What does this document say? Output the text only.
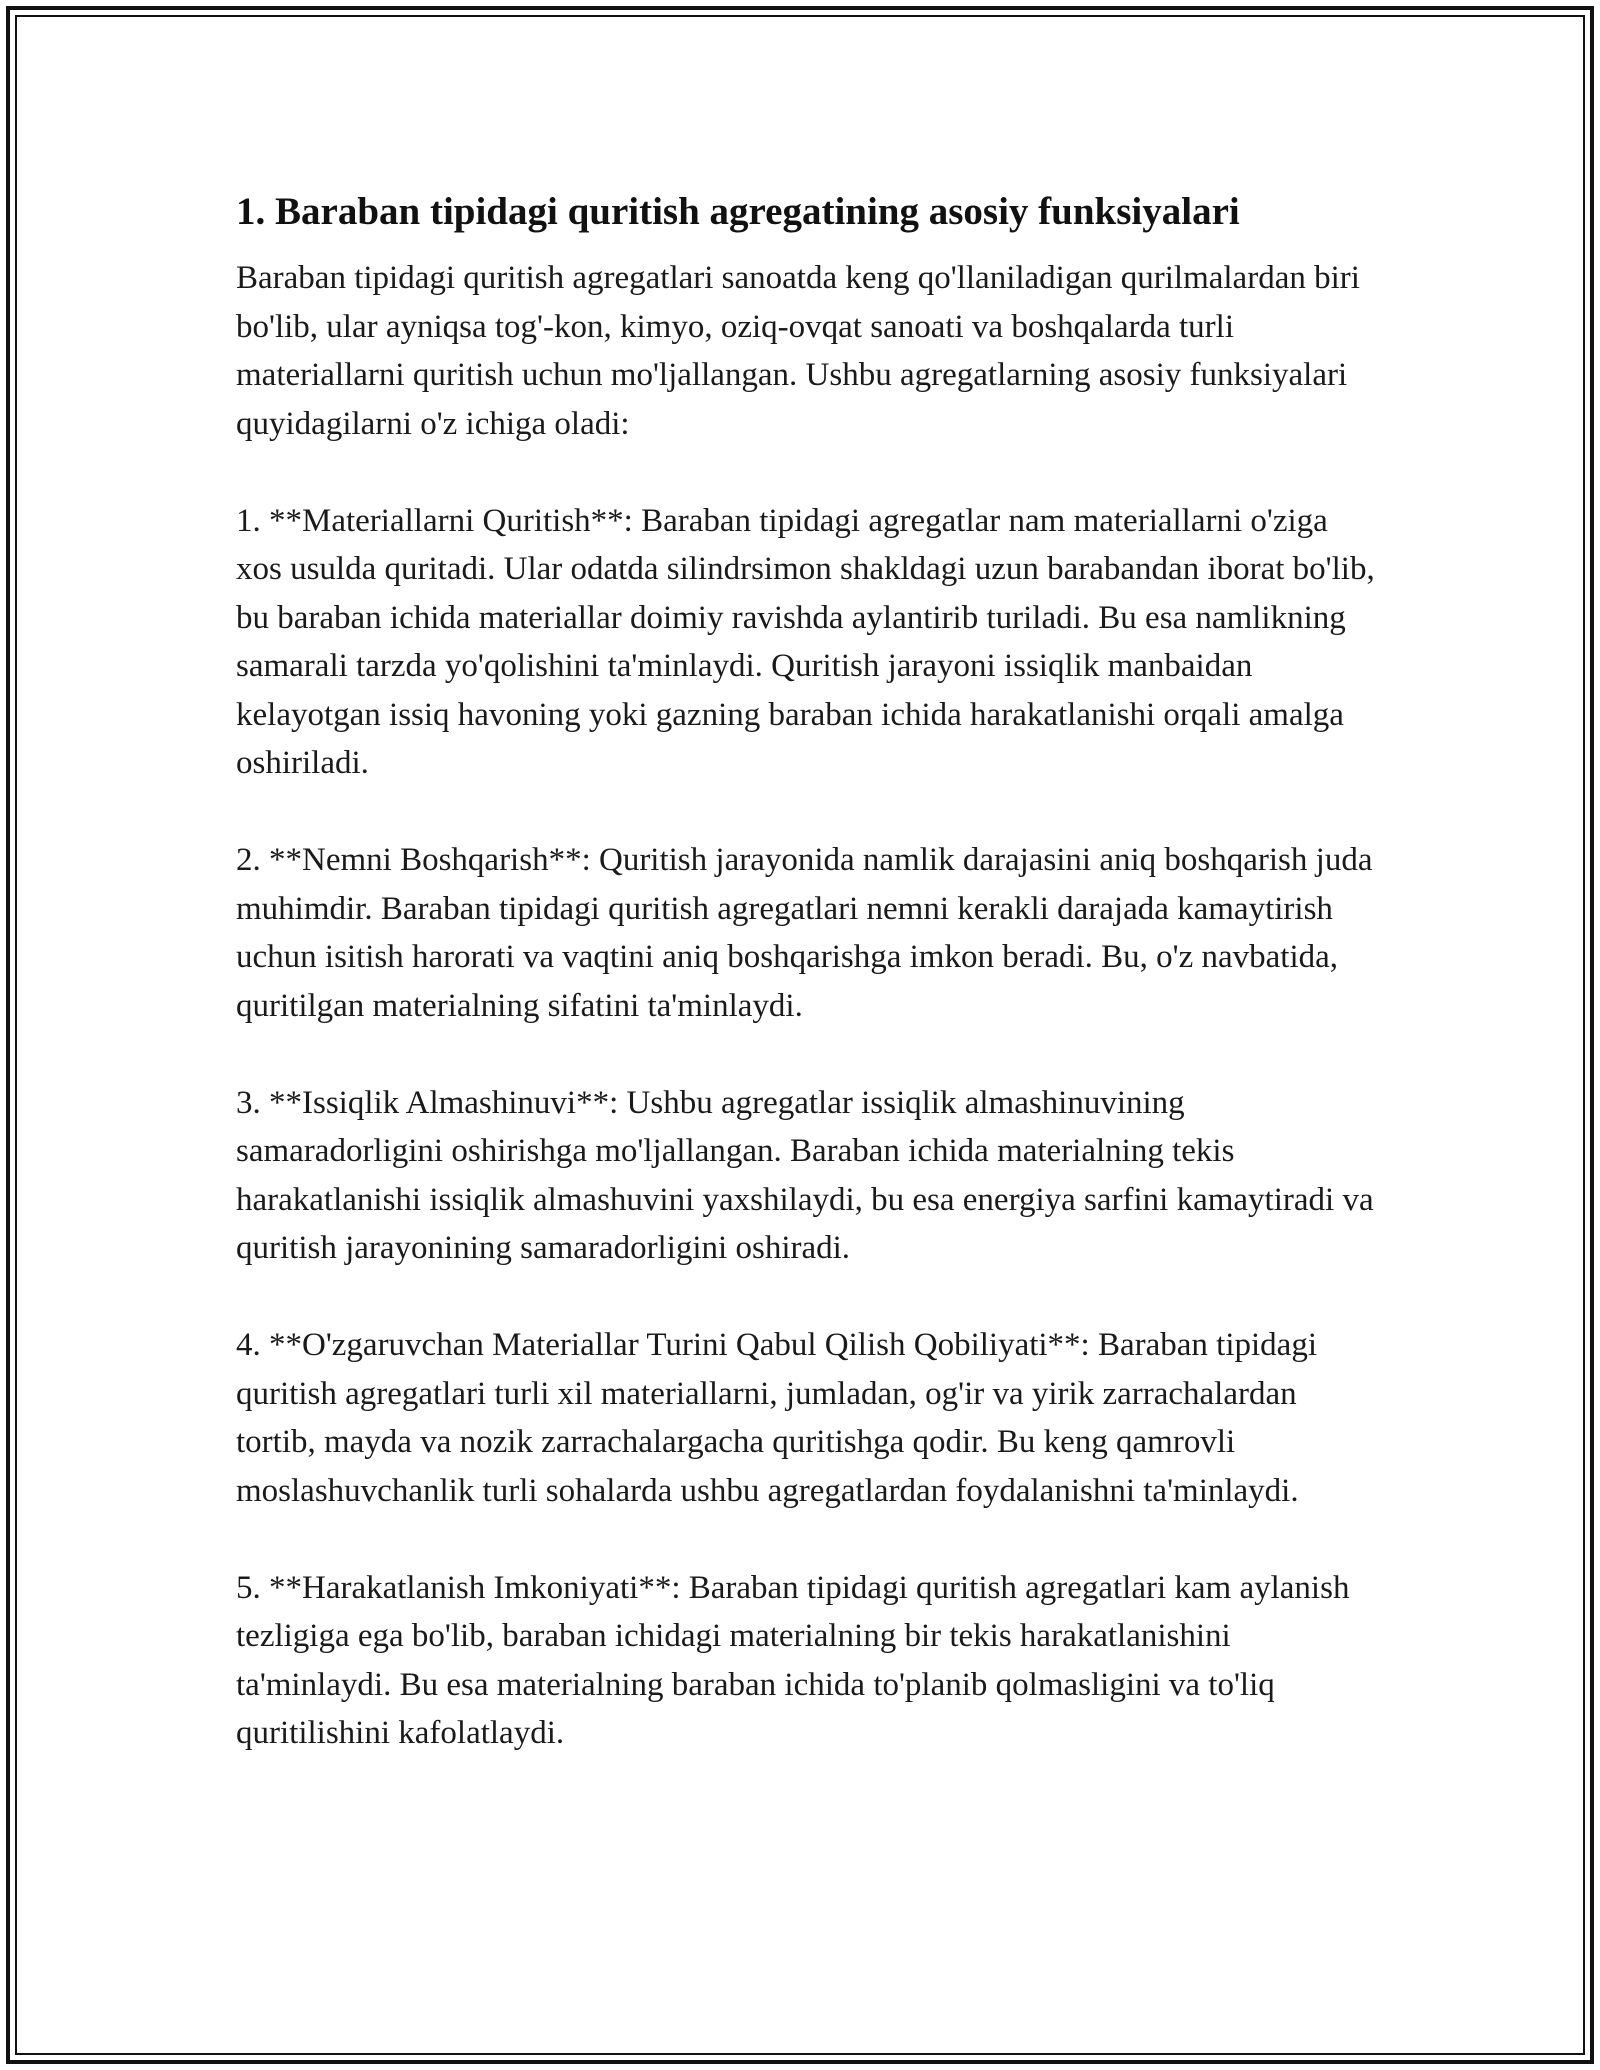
1. Baraban tipidagi quritish agregatining asosiy funksiyalari

Baraban tipidagi quritish agregatlari sanoatda keng qo'llaniladigan qurilmalardan biri bo'lib, ular ayniqsa tog'-kon, kimyo, oziq-ovqat sanoati va boshqalarda turli materiallarni quritish uchun mo'ljallangan. Ushbu agregatlarning asosiy funksiyalari quyidagilarni o'z ichiga oladi:

1. **Materiallarni Quritish**: Baraban tipidagi agregatlar nam materiallarni o'ziga xos usulda quritadi. Ular odatda silindrsimon shakldagi uzun barabandan iborat bo'lib, bu baraban ichida materiallar doimiy ravishda aylantirib turiladi. Bu esa namlikning samarali tarzda yo'qolishini ta'minlaydi. Quritish jarayoni issiqlik manbaidan kelayotgan issiq havoning yoki gazning baraban ichida harakatlanishi orqali amalga oshiriladi.

2. **Nemni Boshqarish**: Quritish jarayonida namlik darajasini aniq boshqarish juda muhimdir. Baraban tipidagi quritish agregatlari nemni kerakli darajada kamaytirish uchun isitish harorati va vaqtini aniq boshqarishga imkon beradi. Bu, o'z navbatida, quritilgan materialning sifatini ta'minlaydi.

3. **Issiqlik Almashinuvi**: Ushbu agregatlar issiqlik almashinuvining samaradorligini oshirishga mo'ljallangan. Baraban ichida materialning tekis harakatlanishi issiqlik almashuvini yaxshilaydi, bu esa energiya sarfini kamaytiradi va quritish jarayonining samaradorligini oshiradi.

4. **O'zgaruvchan Materiallar Turini Qabul Qilish Qobiliyati**: Baraban tipidagi quritish agregatlari turli xil materiallarni, jumladan, og'ir va yirik zarrachalardan tortib, mayda va nozik zarrachalargacha quritishga qodir. Bu keng qamrovli moslashuvchanlik turli sohalarda ushbu agregatlardan foydalanishni ta'minlaydi.

5. **Harakatlanish Imkoniyati**: Baraban tipidagi quritish agregatlari kam aylanish tezligiga ega bo'lib, baraban ichidagi materialning bir tekis harakatlanishini ta'minlaydi. Bu esa materialning baraban ichida to'planib qolmasligini va to'liq quritilishini kafolatlaydi.
